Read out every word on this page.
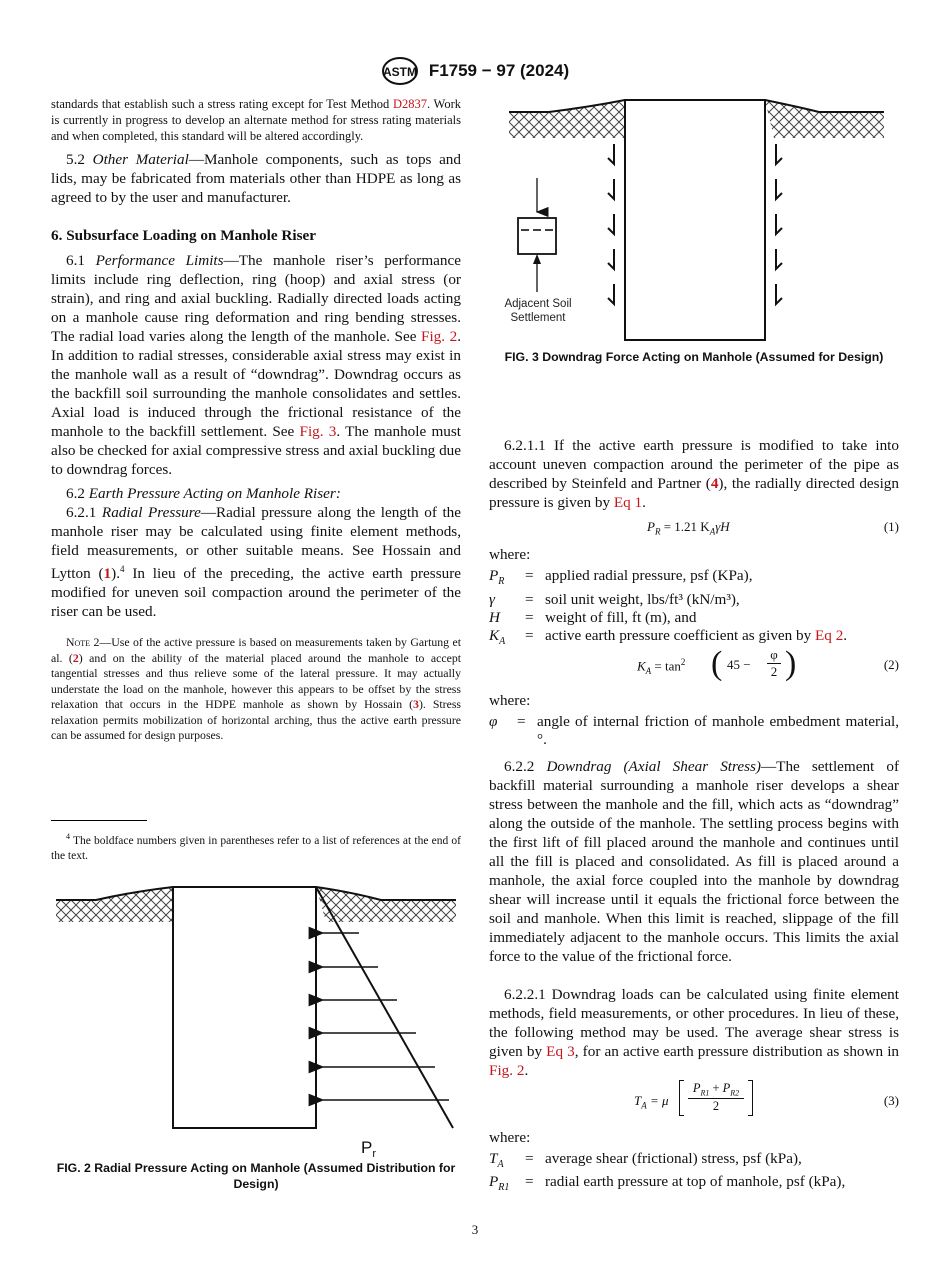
ASTM F1759 − 97 (2024)

standards that establish such a stress rating except for Test Method D2837. Work is currently in progress to develop an alternate method for stress rating materials and when completed, this standard will be altered accordingly.

5.2 Other Material—Manhole components, such as tops and lids, may be fabricated from materials other than HDPE as long as agreed to by the user and manufacturer.

6. Subsurface Loading on Manhole Riser

6.1 Performance Limits—The manhole riser’s performance limits include ring deflection, ring (hoop) and axial stress (or strain), and ring and axial buckling. Radially directed loads acting on a manhole cause ring deformation and ring bending stresses. The radial load varies along the length of the manhole. See Fig. 2. In addition to radial stresses, considerable axial stress may exist in the manhole wall as a result of “downdrag”. Downdrag occurs as the backfill soil surrounding the manhole consolidates and settles. Axial load is induced through the frictional resistance of the manhole to the backfill settlement. See Fig. 3. The manhole must also be checked for axial compressive stress and axial buckling due to downdrag forces.

6.2 Earth Pressure Acting on Manhole Riser:

6.2.1 Radial Pressure—Radial pressure along the length of the manhole riser may be calculated using finite element methods, field measurements, or other suitable means. See Hossain and Lytton (1).$^4$ In lieu of the preceding, the active earth pressure modified for uneven soil compaction around the perimeter of the riser can be used.

Note 2—Use of the active pressure is based on measurements taken by Gartung et al. (2) and on the ability of the material placed around the manhole to accept tangential stresses and thus relieve some of the lateral pressure. It may actually understate the load on the manhole, however this appears to be offset by the stress relaxation that occurs in the HDPE manhole as shown by Hossain (3). Stress relaxation permits mobilization of horizontal arching, thus the active earth pressure can be assumed for design purposes.

$^4$ The boldface numbers given in parentheses refer to a list of references at the end of the text.

$P_r$
FIG. 2 Radial Pressure Acting on Manhole (Assumed Distribution for Design)
Adjacent Soil
Settlement
FIG. 3 Downdrag Force Acting on Manhole (Assumed for Design)

6.2.1.1 If the active earth pressure is modified to take into account uneven compaction around the perimeter of the pipe as described by Steinfeld and Partner (4), the radially directed design pressure is given by Eq 1.

$P_R = 1.21$ $K_A\gamma H$	(1)

where:

$P_R$	= applied radial pressure, psf (KPa),
γ	= soil unit weight, lbs/ft³ (kN/m³),
H	= weight of fill, ft (m), and
$K_A$	= active earth pressure coefficient as given by Eq 2.
$K_A = \tan^2$ ( 45 −
φ
2 )	(2)

where:

φ	= angle of internal friction of manhole embedment material, °.

6.2.2 Downdrag (Axial Shear Stress)—The settlement of backfill material surrounding a manhole riser develops a shear stress between the manhole and the fill, which acts as “downdrag” along the outside of the manhole. The settling process begins with the first lift of fill placed around the manhole and continues until all the fill is placed and consolidated. As fill is placed around a manhole, the axial force coupled into the manhole by downdrag shear will increase until it equals the frictional force between the soil and manhole. When this limit is reached, slippage of the fill immediately adjacent to the manhole occurs. This limits the axial force to the value of the frictional force.

6.2.2.1 Downdrag loads can be calculated using finite element methods, field measurements, or other procedures. In lieu of these, the following method may be used. The average shear stress is given by Eq 3, for an active earth pressure distribution as shown in Fig. 2.

$T_A = \mu$
$P_{R1} + P_{R2}$
2	(3)

where:

$T_A$	= average shear (frictional) stress, psf (kPa),
$P_{R1}$	= radial earth pressure at top of manhole, psf (kPa),
3
